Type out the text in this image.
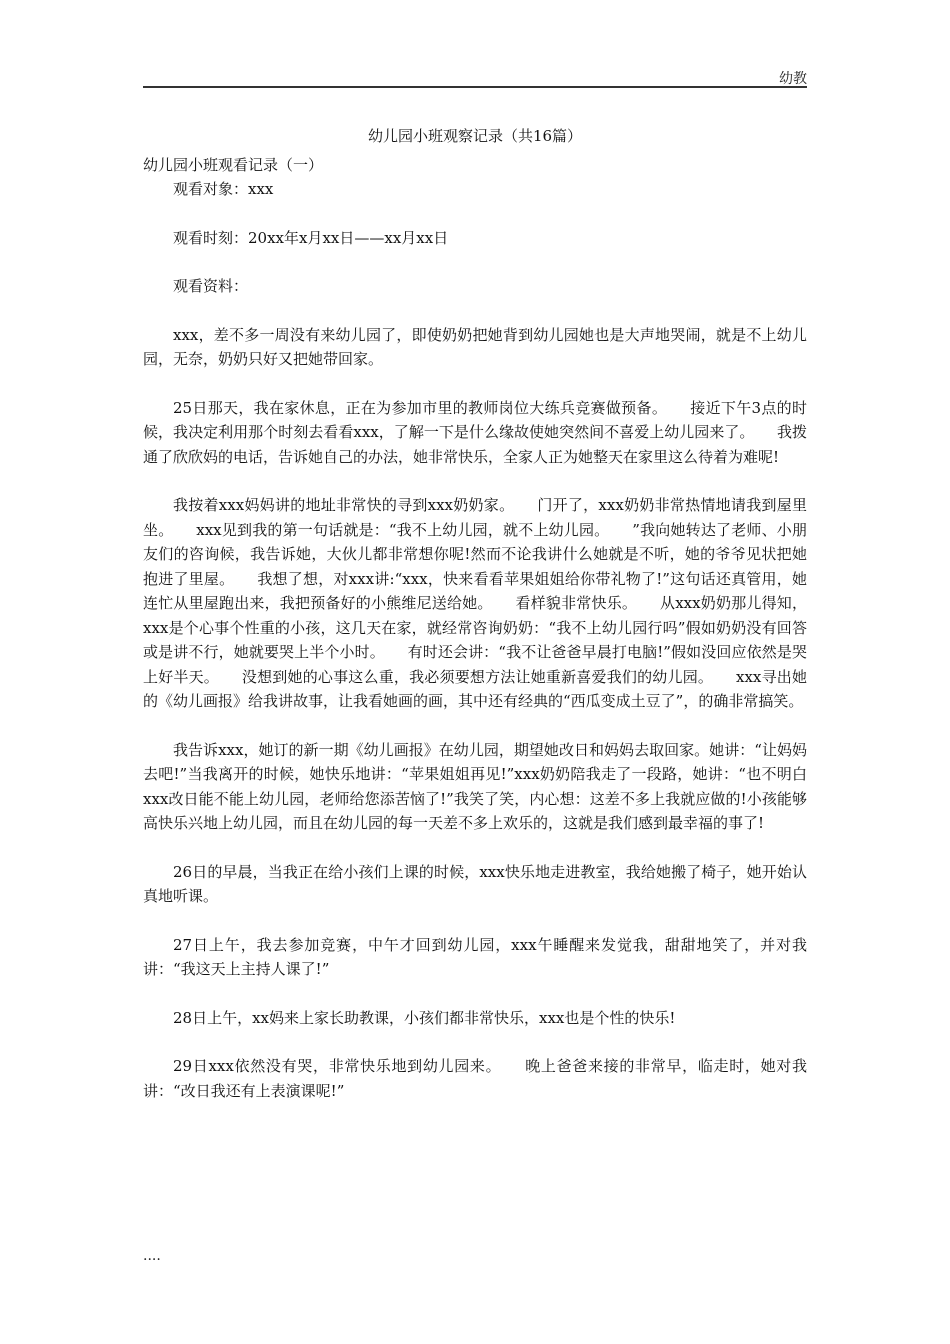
幼教
幼儿园小班观察记录（共16篇）
幼儿园小班观看记录（一）

观看对象：xxx

观看时刻：20xx年x月xx日——xx月xx日

观看资料：

xxx，差不多一周没有来幼儿园了，即使奶奶把她背到幼儿园她也是大声地哭闹，就是不上幼儿园，无奈，奶奶只好又把她带回家。

25日那天，我在家休息，正在为参加市里的教师岗位大练兵竞赛做预备。　　接近下午3点的时候，我决定利用那个时刻去看看xxx，了解一下是什么缘故使她突然间不喜爱上幼儿园来了。　　我拨通了欣欣妈的电话，告诉她自己的办法，她非常快乐，全家人正为她整天在家里这么待着为难呢!

我按着xxx妈妈讲的地址非常快的寻到xxx奶奶家。　　门开了，xxx奶奶非常热情地请我到屋里坐。　　xxx见到我的第一句话就是：“我不上幼儿园，就不上幼儿园。　　”我向她转达了老师、小朋友们的咨询候，我告诉她，大伙儿都非常想你呢!然而不论我讲什么她就是不听，她的爷爷见状把她抱进了里屋。　　我想了想，对xxx讲:“xxx，快来看看苹果姐姐给你带礼物了!”这句话还真管用，她连忙从里屋跑出来，我把预备好的小熊维尼送给她。　　看样貌非常快乐。　　从xxx奶奶那儿得知，xxx是个心事个性重的小孩，这几天在家，就经常咨询奶奶：“我不上幼儿园行吗”假如奶奶没有回答或是讲不行，她就要哭上半个小时。　　有时还会讲：“我不让爸爸早晨打电脑!”假如没回应依然是哭上好半天。　　没想到她的心事这么重，我必须要想方法让她重新喜爱我们的幼儿园。　　xxx寻出她的《幼儿画报》给我讲故事，让我看她画的画，其中还有经典的“西瓜变成土豆了”，的确非常搞笑。

我告诉xxx，她订的新一期《幼儿画报》在幼儿园，期望她改日和妈妈去取回家。她讲：“让妈妈去吧!”当我离开的时候，她快乐地讲：“苹果姐姐再见!”xxx奶奶陪我走了一段路，她讲：“也不明白xxx改日能不能上幼儿园，老师给您添苦恼了!”我笑了笑，内心想：这差不多上我就应做的!小孩能够高快乐兴地上幼儿园，而且在幼儿园的每一天差不多上欢乐的，这就是我们感到最幸福的事了!

26日的早晨，当我正在给小孩们上课的时候，xxx快乐地走进教室，我给她搬了椅子，她开始认真地听课。

27日上午，我去参加竞赛，中午才回到幼儿园，xxx午睡醒来发觉我，甜甜地笑了，并对我讲：“我这天上主持人课了!”

28日上午，xx妈来上家长助教课，小孩们都非常快乐，xxx也是个性的快乐!

29日xxx依然没有哭，非常快乐地到幼儿园来。　　晚上爸爸来接的非常早，临走时，她对我讲：“改日我还有上表演课呢!”

....
